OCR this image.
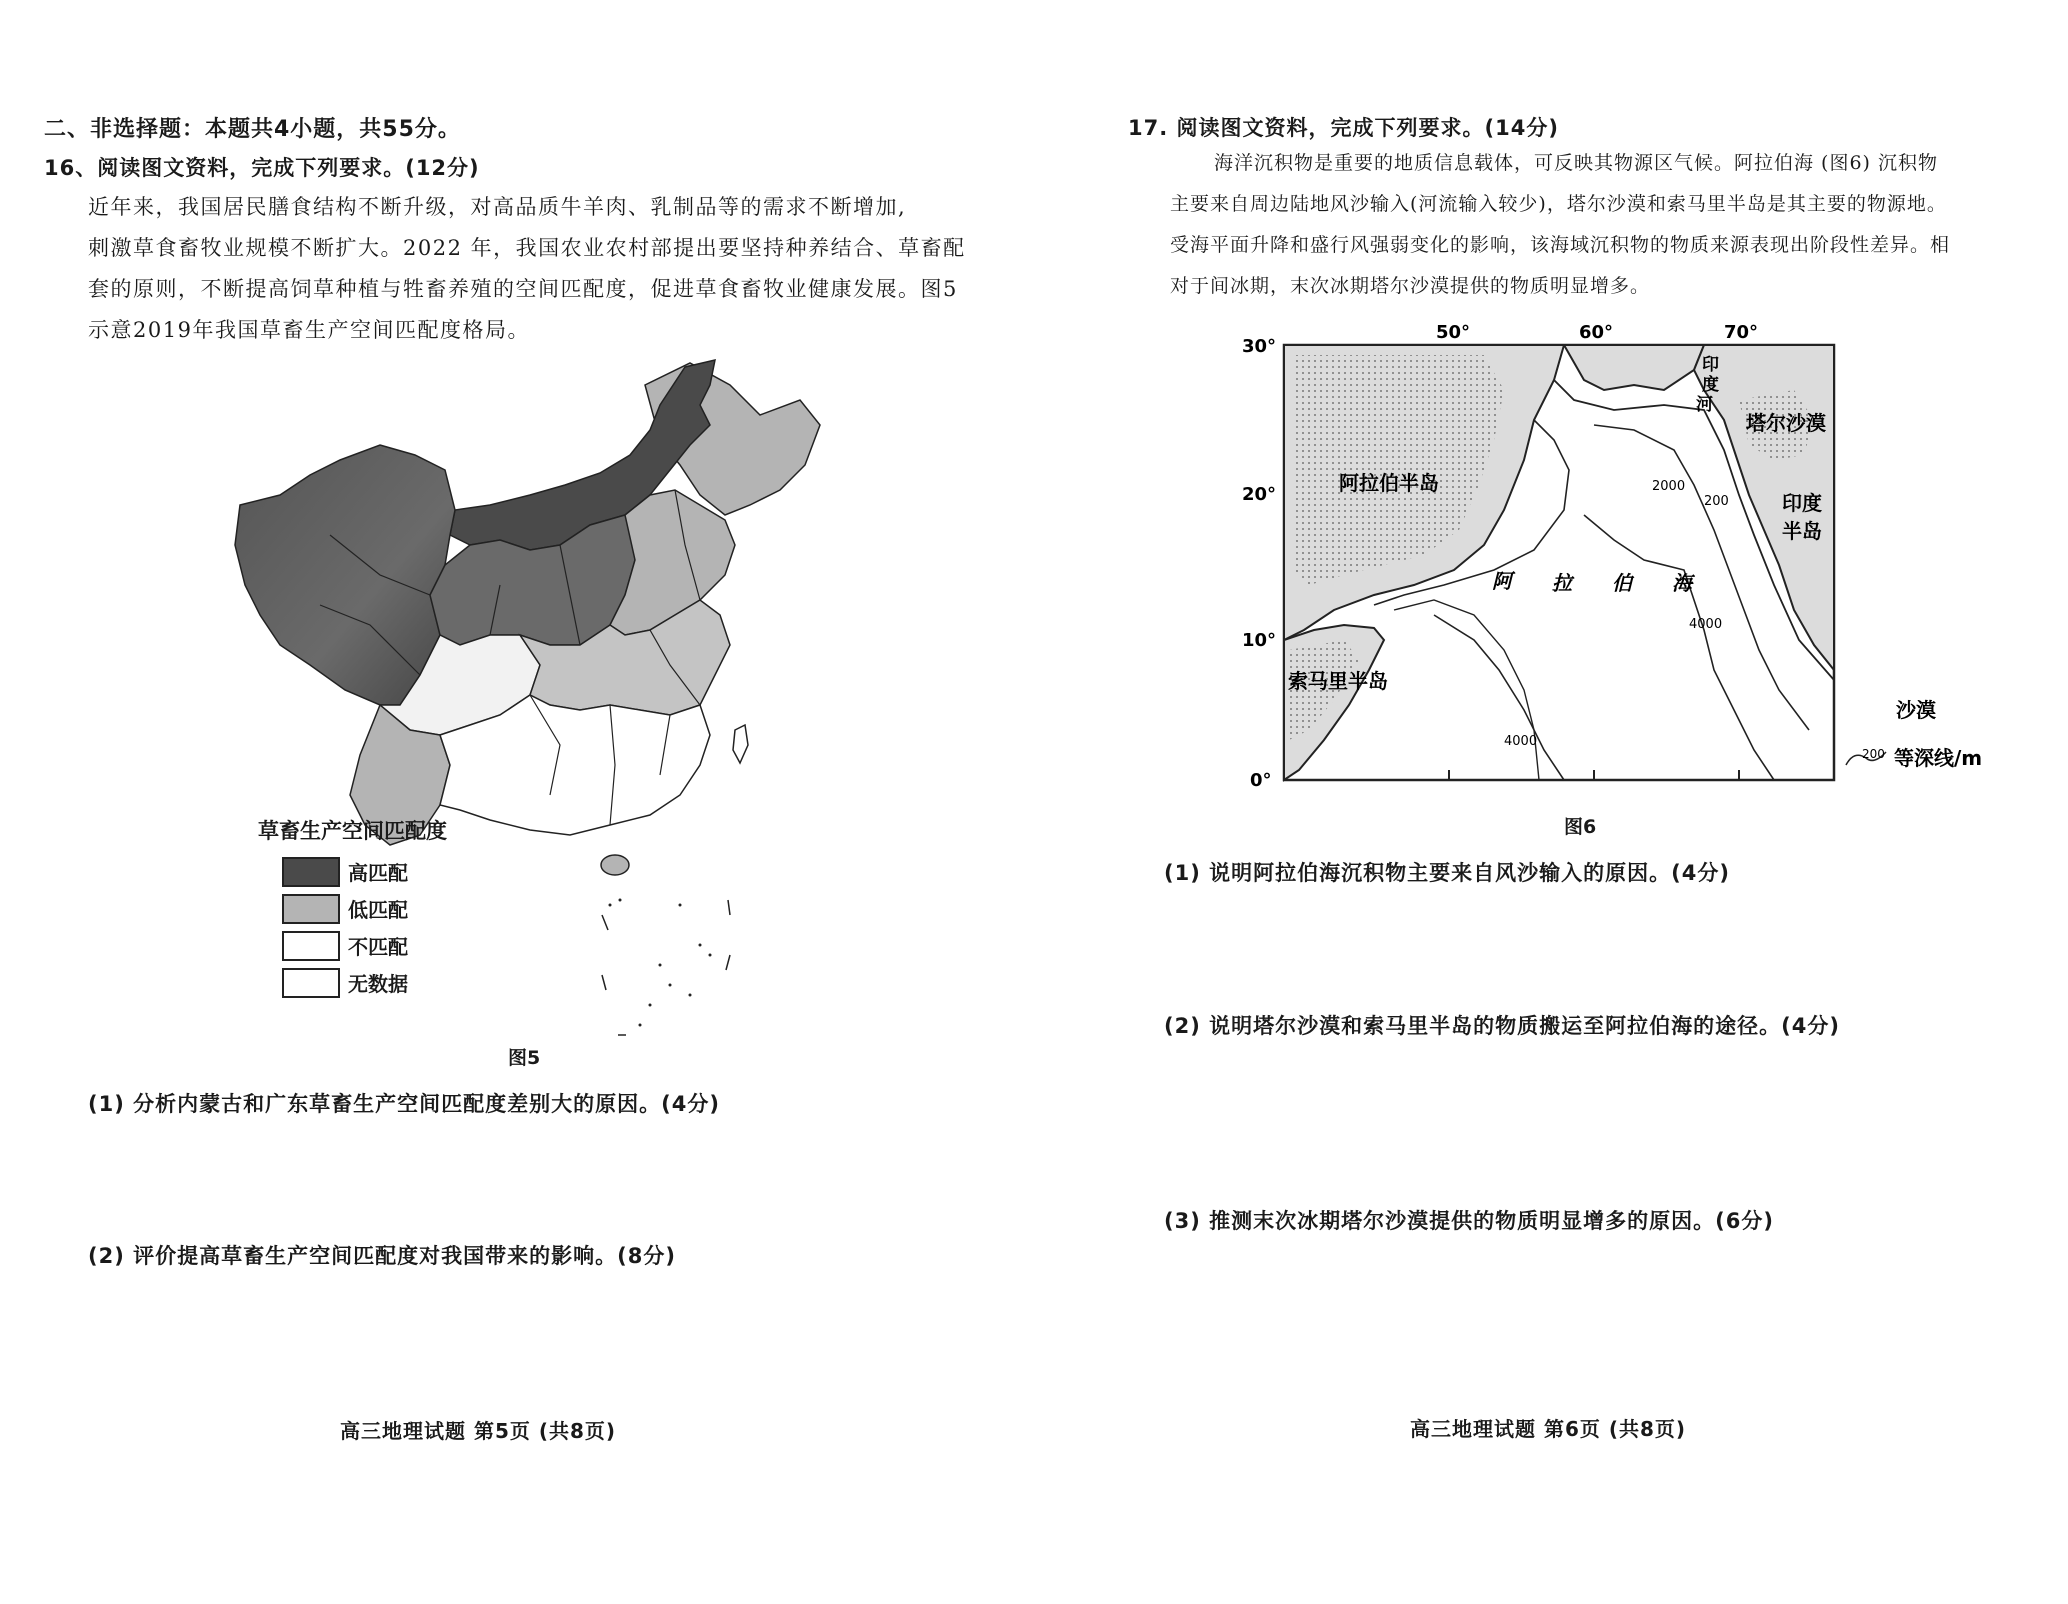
二、非选择题：本题共4小题，共55分。
16、阅读图文资料，完成下列要求。(12分)
近年来，我国居民膳食结构不断升级，对高品质牛羊肉、乳制品等的需求不断增加,
刺激草食畜牧业规模不断扩大。2022 年，我国农业农村部提出要坚持种养结合、草畜配
套的原则，不断提高饲草种植与牲畜养殖的空间匹配度，促进草食畜牧业健康发展。图5
示意2019年我国草畜生产空间匹配度格局。
草畜生产空间匹配度
高匹配
低匹配
不匹配
无数据
图5
(1) 分析内蒙古和广东草畜生产空间匹配度差别大的原因。(4分)
(2) 评价提高草畜生产空间匹配度对我国带来的影响。(8分)
高三地理试题 第5页 (共8页)
17. 阅读图文资料，完成下列要求。(14分)
海洋沉积物是重要的地质信息载体，可反映其物源区气候。阿拉伯海 (图6) 沉积物
主要来自周边陆地风沙输入(河流输入较少)，塔尔沙漠和索马里半岛是其主要的物源地。
受海平面升降和盛行风强弱变化的影响，该海域沉积物的物质来源表现出阶段性差异。相
对于间冰期，末次冰期塔尔沙漠提供的物质明显增多。
50°	60°	70°
30°
20°
10°
0°
阿拉伯半岛
塔尔沙漠
印度
半岛
索马里半岛
印
度
河
阿 拉 伯 海
2000
200
4000
4000
沙漠
200 等深线/m
图6
(1) 说明阿拉伯海沉积物主要来自风沙输入的原因。(4分)
(2) 说明塔尔沙漠和索马里半岛的物质搬运至阿拉伯海的途径。(4分)
(3) 推测末次冰期塔尔沙漠提供的物质明显增多的原因。(6分)
高三地理试题 第6页 (共8页)
